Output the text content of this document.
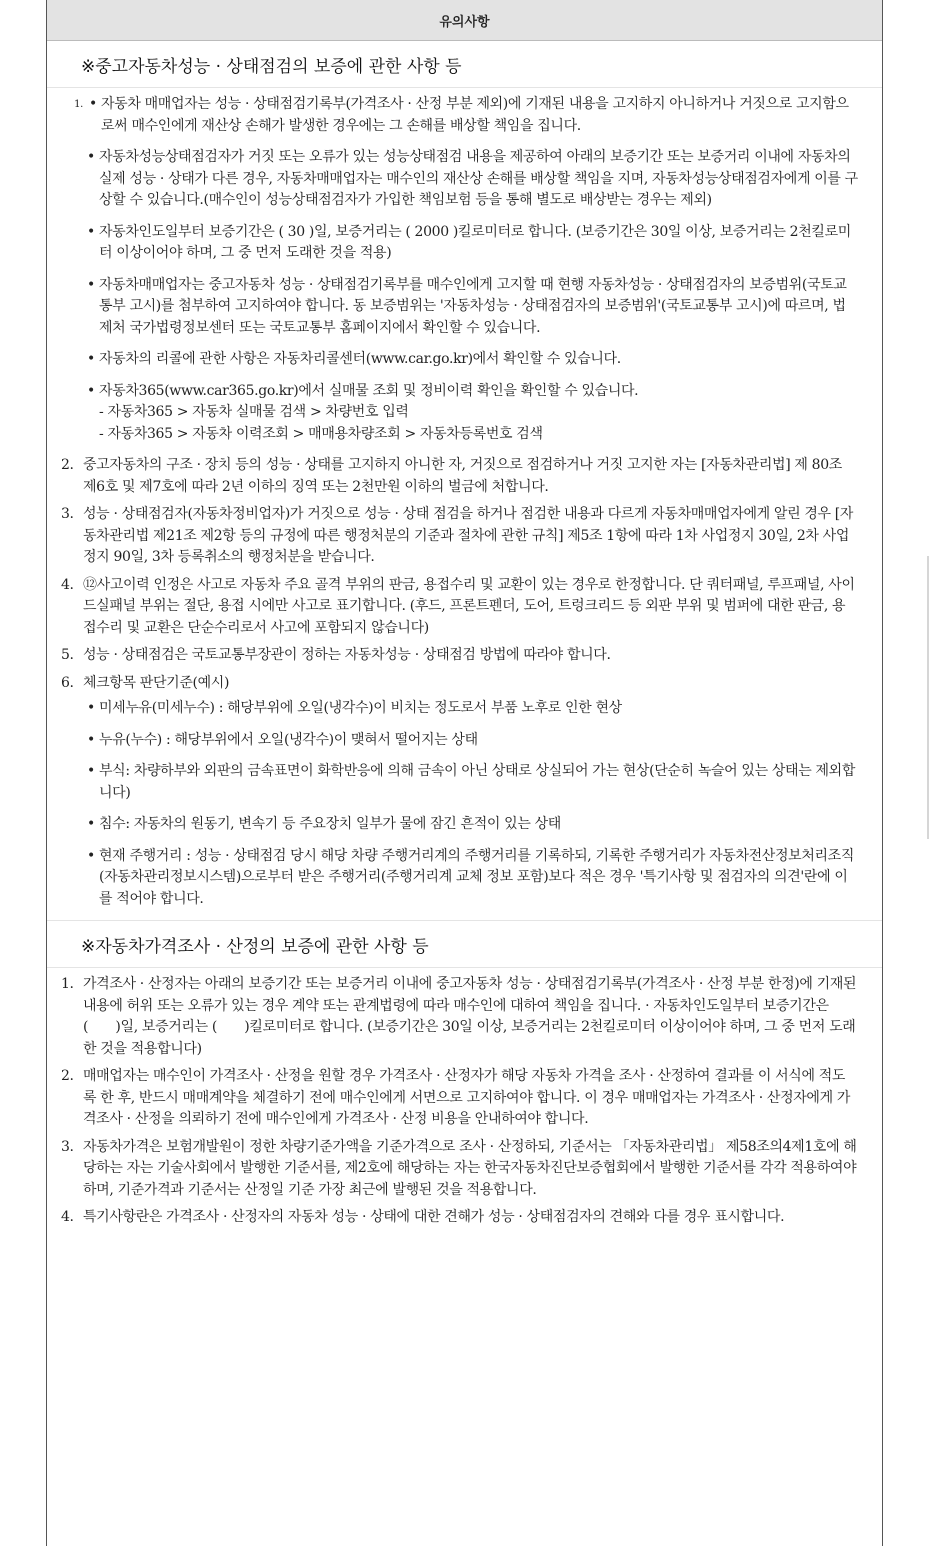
유의사항
※중고자동차성능 · 상태점검의 보증에 관한 사항 등
1. • 자동차 매매업자는 성능 · 상태점검기록부(가격조사 · 산정 부분 제외)에 기재된 내용을 고지하지 아니하거나 거짓으로 고지함으로써 매수인에게 재산상 손해가 발생한 경우에는 그 손해를 배상할 책임을 집니다.
• 자동차성능상태점검자가 거짓 또는 오류가 있는 성능상태점검 내용을 제공하여 아래의 보증기간 또는 보증거리 이내에 자동차의 실제 성능 · 상태가 다른 경우, 자동차매매업자는 매수인의 재산상 손해를 배상할 책임을 지며, 자동차성능상태점검자에게 이를 구상할 수 있습니다.(매수인이 성능상태점검자가 가입한 책임보험 등을 통해 별도로 배상받는 경우는 제외)
• 자동차인도일부터 보증기간은 ( 30 )일, 보증거리는 ( 2000 )킬로미터로 합니다. (보증기간은 30일 이상, 보증거리는 2천킬로미터 이상이어야 하며, 그 중 먼저 도래한 것을 적용)
• 자동차매매업자는 중고자동차 성능 · 상태점검기록부를 매수인에게 고지할 때 현행 자동차성능 · 상태점검자의 보증범위(국토교통부 고시)를 첨부하여 고지하여야 합니다. 동 보증범위는 '자동차성능 · 상태점검자의 보증범위'(국토교통부 고시)에 따르며, 법제처 국가법령정보센터 또는 국토교통부 홈페이지에서 확인할 수 있습니다.
• 자동차의 리콜에 관한 사항은 자동차리콜센터(www.car.go.kr)에서 확인할 수 있습니다.
• 자동차365(www.car365.go.kr)에서 실매물 조회 및 정비이력 확인을 확인할 수 있습니다.
- 자동차365 > 자동차 실매물 검색 > 차량번호 입력
- 자동차365 > 자동차 이력조회 > 매매용차량조회 > 자동차등록번호 검색
2. 중고자동차의 구조 · 장치 등의 성능 · 상태를 고지하지 아니한 자, 거짓으로 점검하거나 거짓 고지한 자는 [자동차관리법] 제 80조 제6호 및 제7호에 따라 2년 이하의 징역 또는 2천만원 이하의 벌금에 처합니다.
3. 성능 · 상태점검자(자동차정비업자)가 거짓으로 성능 · 상태 점검을 하거나 점검한 내용과 다르게 자동차매매업자에게 알린 경우 [자동차관리법 제21조 제2항 등의 규정에 따른 행정처분의 기준과 절차에 관한 규칙] 제5조 1항에 따라 1차 사업정지 30일, 2차 사업정지 90일, 3차 등록취소의 행정처분을 받습니다.
4. ⑫사고이력 인정은 사고로 자동차 주요 골격 부위의 판금, 용접수리 및 교환이 있는 경우로 한정합니다. 단 쿼터패널, 루프패널, 사이드실패널 부위는 절단, 용접 시에만 사고로 표기합니다. (후드, 프론트펜더, 도어, 트렁크리드 등 외판 부위 및 범퍼에 대한 판금, 용접수리 및 교환은 단순수리로서 사고에 포함되지 않습니다)
5. 성능 · 상태점검은 국토교통부장관이 정하는 자동차성능 · 상태점검 방법에 따라야 합니다.
6. 체크항목 판단기준(예시)
• 미세누유(미세누수) : 해당부위에 오일(냉각수)이 비치는 정도로서 부품 노후로 인한 현상
• 누유(누수) : 해당부위에서 오일(냉각수)이 맺혀서 떨어지는 상태
• 부식: 차량하부와 외판의 금속표면이 화학반응에 의해 금속이 아닌 상태로 상실되어 가는 현상(단순히 녹슬어 있는 상태는 제외합니다)
• 침수: 자동차의 원동기, 변속기 등 주요장치 일부가 물에 잠긴 흔적이 있는 상태
• 현재 주행거리 : 성능 · 상태점검 당시 해당 차량 주행거리계의 주행거리를 기록하되, 기록한 주행거리가 자동차전산정보처리조직(자동차관리정보시스템)으로부터 받은 주행거리(주행거리계 교체 정보 포함)보다 적은 경우 '특기사항 및 점검자의 의견'란에 이를 적어야 합니다.
※자동차가격조사 · 산정의 보증에 관한 사항 등
1. 가격조사 · 산정자는 아래의 보증기간 또는 보증거리 이내에 중고자동차 성능 · 상태점검기록부(가격조사 · 산정 부분 한정)에 기재된 내용에 허위 또는 오류가 있는 경우 계약 또는 관계법령에 따라 매수인에 대하여 책임을 집니다. · 자동차인도일부터 보증기간은 (　　)일, 보증거리는 (　　)킬로미터로 합니다. (보증기간은 30일 이상, 보증거리는 2천킬로미터 이상이어야 하며, 그 중 먼저 도래한 것을 적용합니다)
2. 매매업자는 매수인이 가격조사 · 산정을 원할 경우 가격조사 · 산정자가 해당 자동차 가격을 조사 · 산정하여 결과를 이 서식에 적도록 한 후, 반드시 매매계약을 체결하기 전에 매수인에게 서면으로 고지하여야 합니다. 이 경우 매매업자는 가격조사 · 산정자에게 가격조사 · 산정을 의뢰하기 전에 매수인에게 가격조사 · 산정 비용을 안내하여야 합니다.
3. 자동차가격은 보험개발원이 정한 차량기준가액을 기준가격으로 조사 · 산정하되, 기준서는 「자동차관리법」 제58조의4제1호에 해당하는 자는 기술사회에서 발행한 기준서를, 제2호에 해당하는 자는 한국자동차진단보증협회에서 발행한 기준서를 각각 적용하여야 하며, 기준가격과 기준서는 산정일 기준 가장 최근에 발행된 것을 적용합니다.
4. 특기사항란은 가격조사 · 산정자의 자동차 성능 · 상태에 대한 견해가 성능 · 상태점검자의 견해와 다를 경우 표시합니다.
